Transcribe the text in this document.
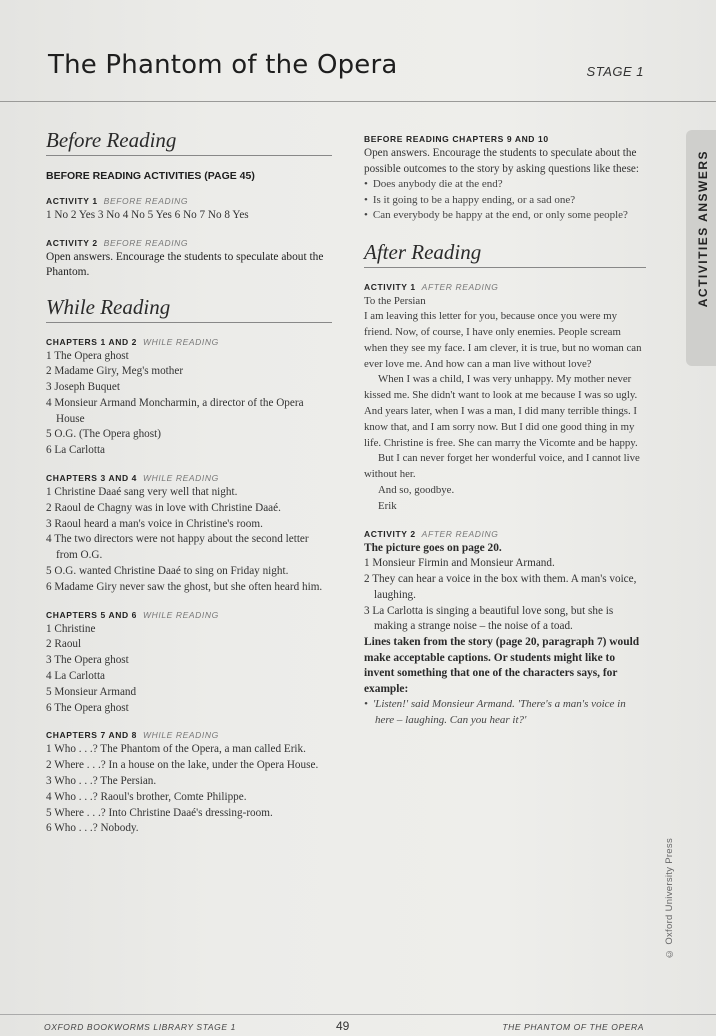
The Phantom of the Opera	STAGE 1
Before Reading
BEFORE READING ACTIVITIES (PAGE 45)
ACTIVITY 1 BEFORE READING
1 No 2 Yes 3 No 4 No 5 Yes 6 No 7 No 8 Yes
ACTIVITY 2 BEFORE READING
Open answers. Encourage the students to speculate about the Phantom.
While Reading
CHAPTERS 1 AND 2 WHILE READING
1 The Opera ghost
2 Madame Giry, Meg's mother
3 Joseph Buquet
4 Monsieur Armand Moncharmin, a director of the Opera House
5 O.G. (The Opera ghost)
6 La Carlotta
CHAPTERS 3 AND 4 WHILE READING
1 Christine Daaé sang very well that night.
2 Raoul de Chagny was in love with Christine Daaé.
3 Raoul heard a man's voice in Christine's room.
4 The two directors were not happy about the second letter from O.G.
5 O.G. wanted Christine Daaé to sing on Friday night.
6 Madame Giry never saw the ghost, but she often heard him.
CHAPTERS 5 AND 6 WHILE READING
1 Christine
2 Raoul
3 The Opera ghost
4 La Carlotta
5 Monsieur Armand
6 The Opera ghost
CHAPTERS 7 AND 8 WHILE READING
1 Who . . .? The Phantom of the Opera, a man called Erik.
2 Where . . .? In a house on the lake, under the Opera House.
3 Who . . .? The Persian.
4 Who . . .? Raoul's brother, Comte Philippe.
5 Where . . .? Into Christine Daaé's dressing-room.
6 Who . . .? Nobody.
BEFORE READING CHAPTERS 9 AND 10
Open answers. Encourage the students to speculate about the possible outcomes to the story by asking questions like these:
• Does anybody die at the end?
• Is it going to be a happy ending, or a sad one?
• Can everybody be happy at the end, or only some people?
After Reading
ACTIVITY 1 AFTER READING

To the Persian

I am leaving this letter for you, because once you were my friend. Now, of course, I have only enemies. People scream when they see my face. I am clever, it is true, but no woman can ever love me. And how can a man live without love?

When I was a child, I was very unhappy. My mother never kissed me. She didn't want to look at me because I was so ugly. And years later, when I was a man, I did many terrible things. I know that, and I am sorry now. But I did one good thing in my life. Christine is free. She can marry the Vicomte and be happy.

But I can never forget her wonderful voice, and I cannot live without her.

And so, goodbye.

Erik

ACTIVITY 2 AFTER READING
The picture goes on page 20.
1 Monsieur Firmin and Monsieur Armand.
2 They can hear a voice in the box with them. A man's voice, laughing.
3 La Carlotta is singing a beautiful love song, but she is making a strange noise – the noise of a toad.
Lines taken from the story (page 20, paragraph 7) would make acceptable captions. Or students might like to invent something that one of the characters says, for example:
• 'Listen!' said Monsieur Armand. 'There's a man's voice in here – laughing. Can you hear it?'
ACTIVITIES ANSWERS
© Oxford University Press
OXFORD BOOKWORMS LIBRARY STAGE 1	49	THE PHANTOM OF THE OPERA
